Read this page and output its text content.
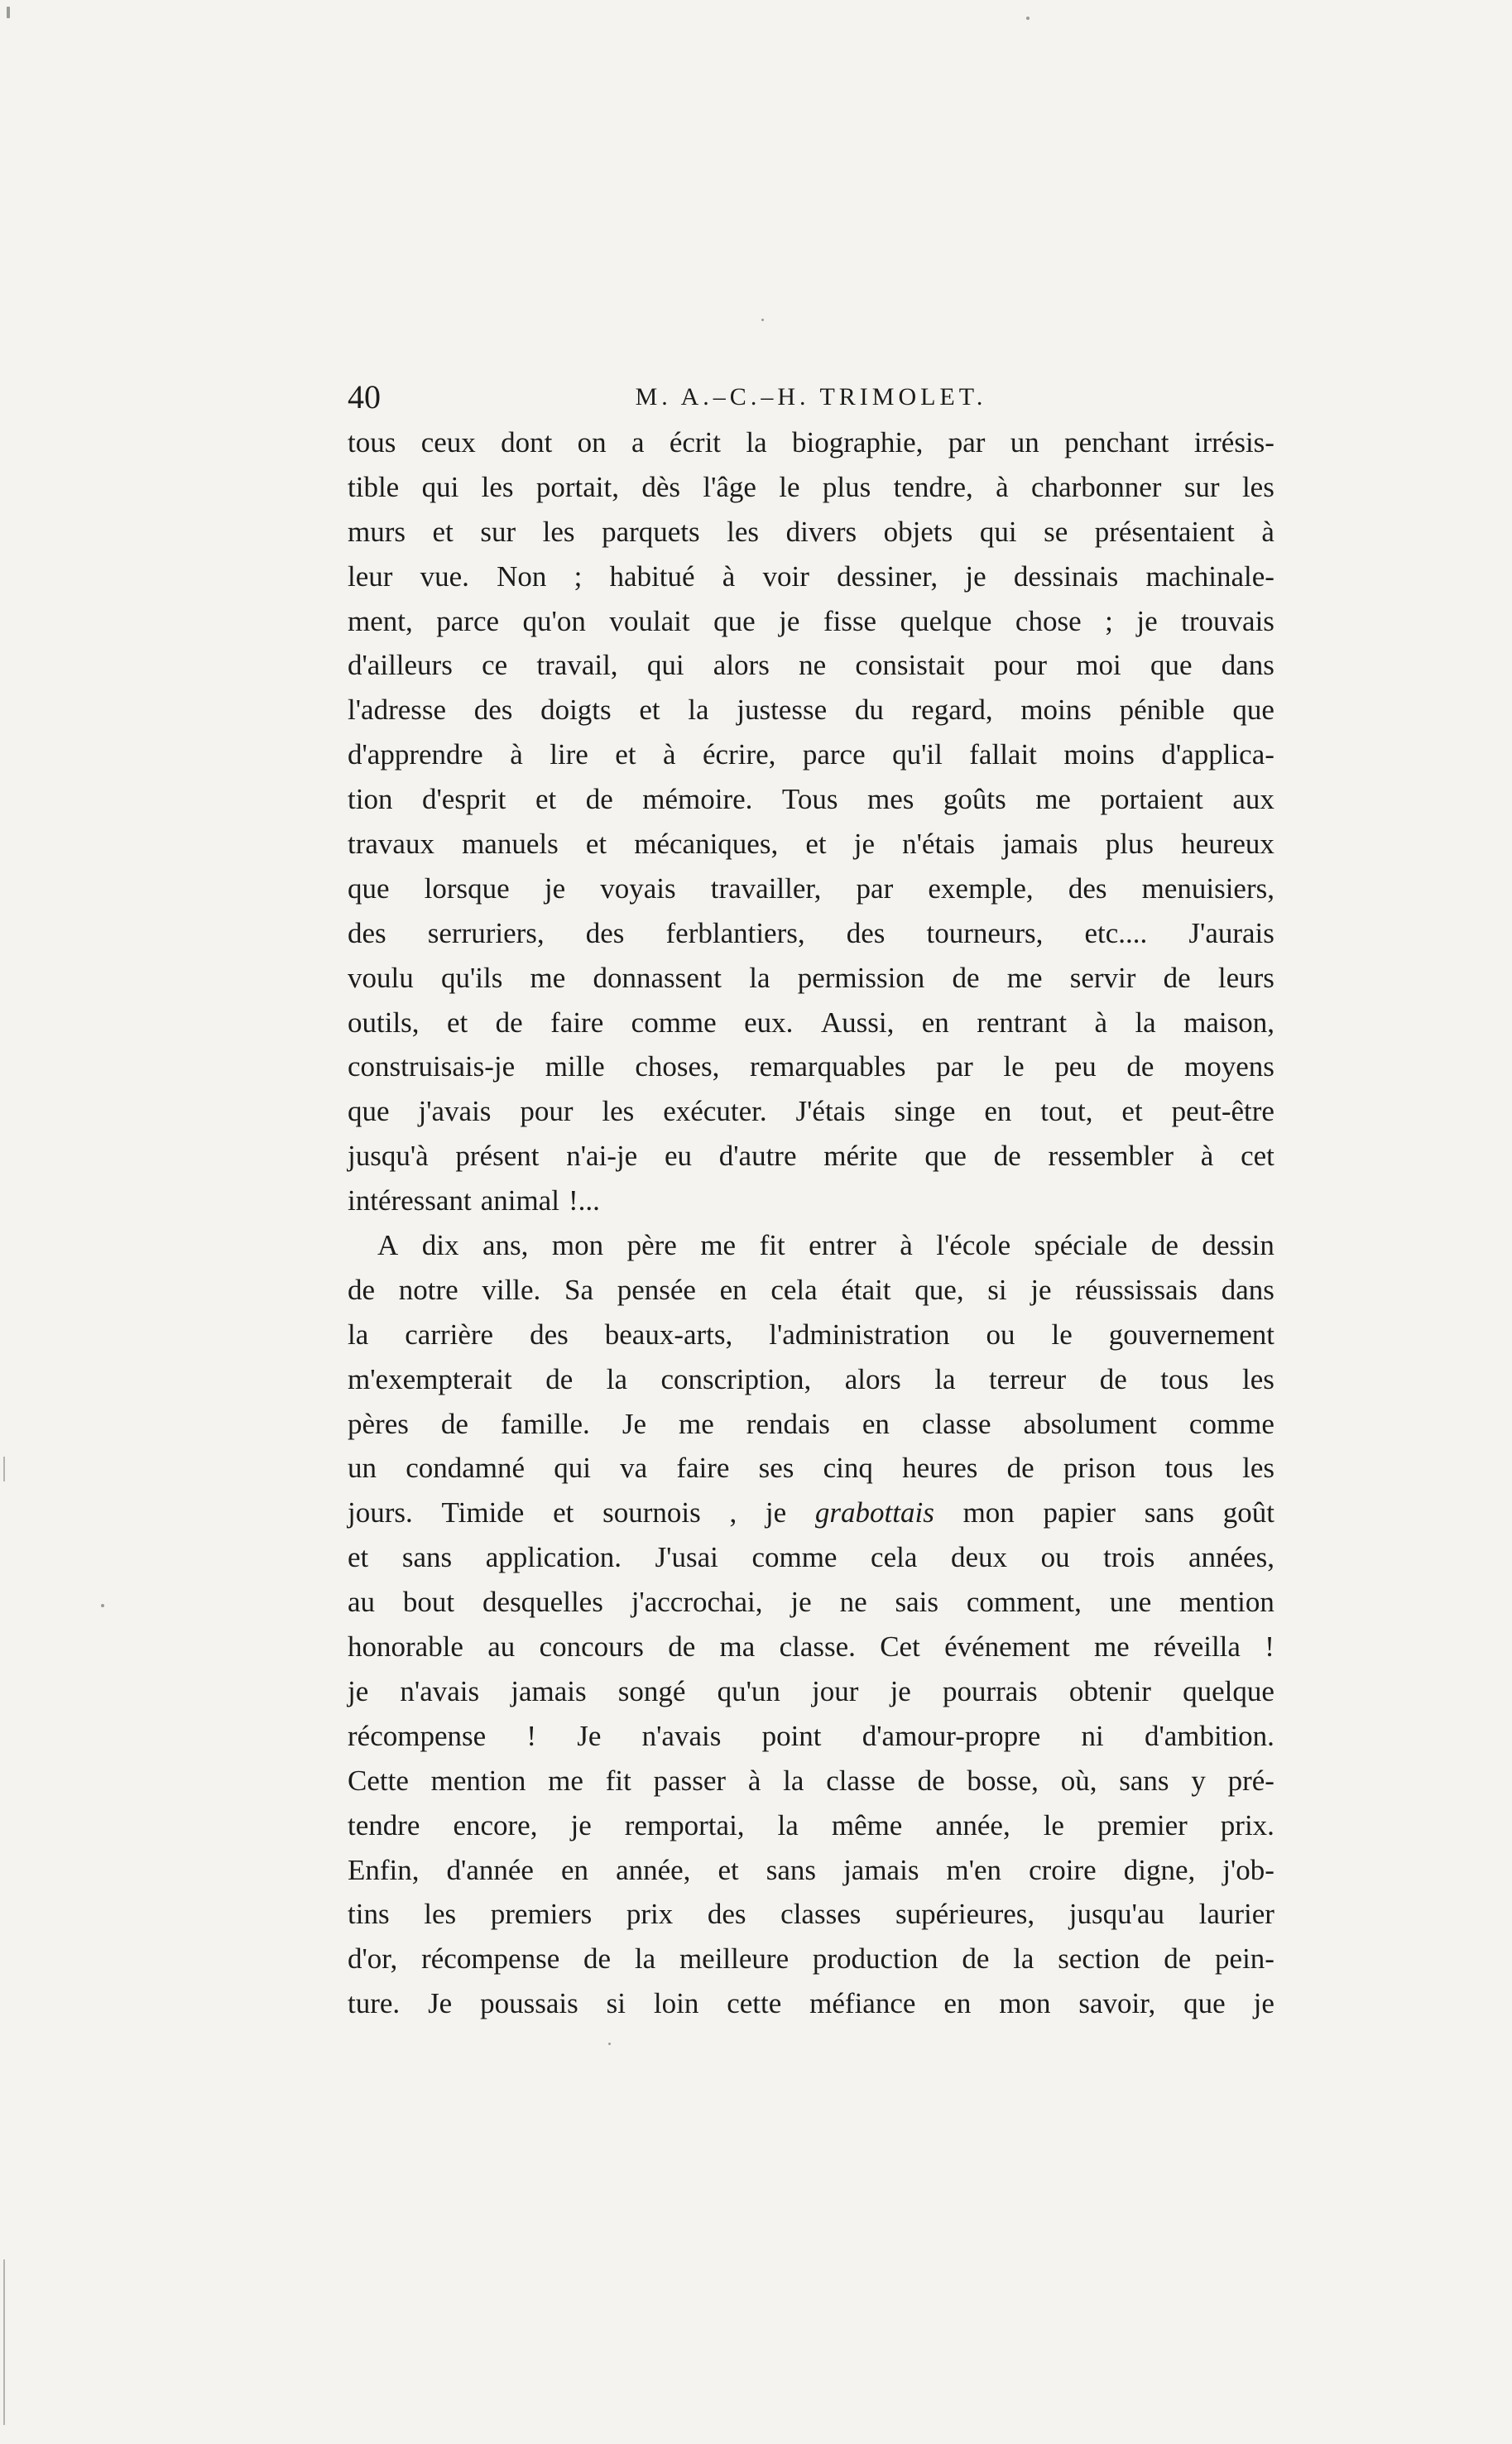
40	M. A.–C.–H. TRIMOLET.
tous ceux dont on a écrit la biographie, par un penchant irrésis-
tible qui les portait, dès l'âge le plus tendre, à charbonner sur les
murs et sur les parquets les divers objets qui se présentaient à
leur vue. Non ; habitué à voir dessiner, je dessinais machinale-
ment, parce qu'on voulait que je fisse quelque chose ; je trouvais
d'ailleurs ce travail, qui alors ne consistait pour moi que dans
l'adresse des doigts et la justesse du regard, moins pénible que
d'apprendre à lire et à écrire, parce qu'il fallait moins d'applica-
tion d'esprit et de mémoire. Tous mes goûts me portaient aux
travaux manuels et mécaniques, et je n'étais jamais plus heureux
que lorsque je voyais travailler, par exemple, des menuisiers,
des serruriers, des ferblantiers, des tourneurs, etc.... J'aurais
voulu qu'ils me donnassent la permission de me servir de leurs
outils, et de faire comme eux. Aussi, en rentrant à la maison,
construisais-je mille choses, remarquables par le peu de moyens
que j'avais pour les exécuter. J'étais singe en tout, et peut-être
jusqu'à présent n'ai-je eu d'autre mérite que de ressembler à cet
intéressant animal !...
A dix ans, mon père me fit entrer à l'école spéciale de dessin
de notre ville. Sa pensée en cela était que, si je réussissais dans
la carrière des beaux-arts, l'administration ou le gouvernement
m'exempterait de la conscription, alors la terreur de tous les
pères de famille. Je me rendais en classe absolument comme
un condamné qui va faire ses cinq heures de prison tous les
jours. Timide et sournois , je grabottais mon papier sans goût
et sans application. J'usai comme cela deux ou trois années,
au bout desquelles j'accrochai, je ne sais comment, une mention
honorable au concours de ma classe. Cet événement me réveilla !
je n'avais jamais songé qu'un jour je pourrais obtenir quelque
récompense ! Je n'avais point d'amour-propre ni d'ambition.
Cette mention me fit passer à la classe de bosse, où, sans y pré-
tendre encore, je remportai, la même année, le premier prix.
Enfin, d'année en année, et sans jamais m'en croire digne, j'ob-
tins les premiers prix des classes supérieures, jusqu'au laurier
d'or, récompense de la meilleure production de la section de pein-
ture. Je poussais si loin cette méfiance en mon savoir, que je
